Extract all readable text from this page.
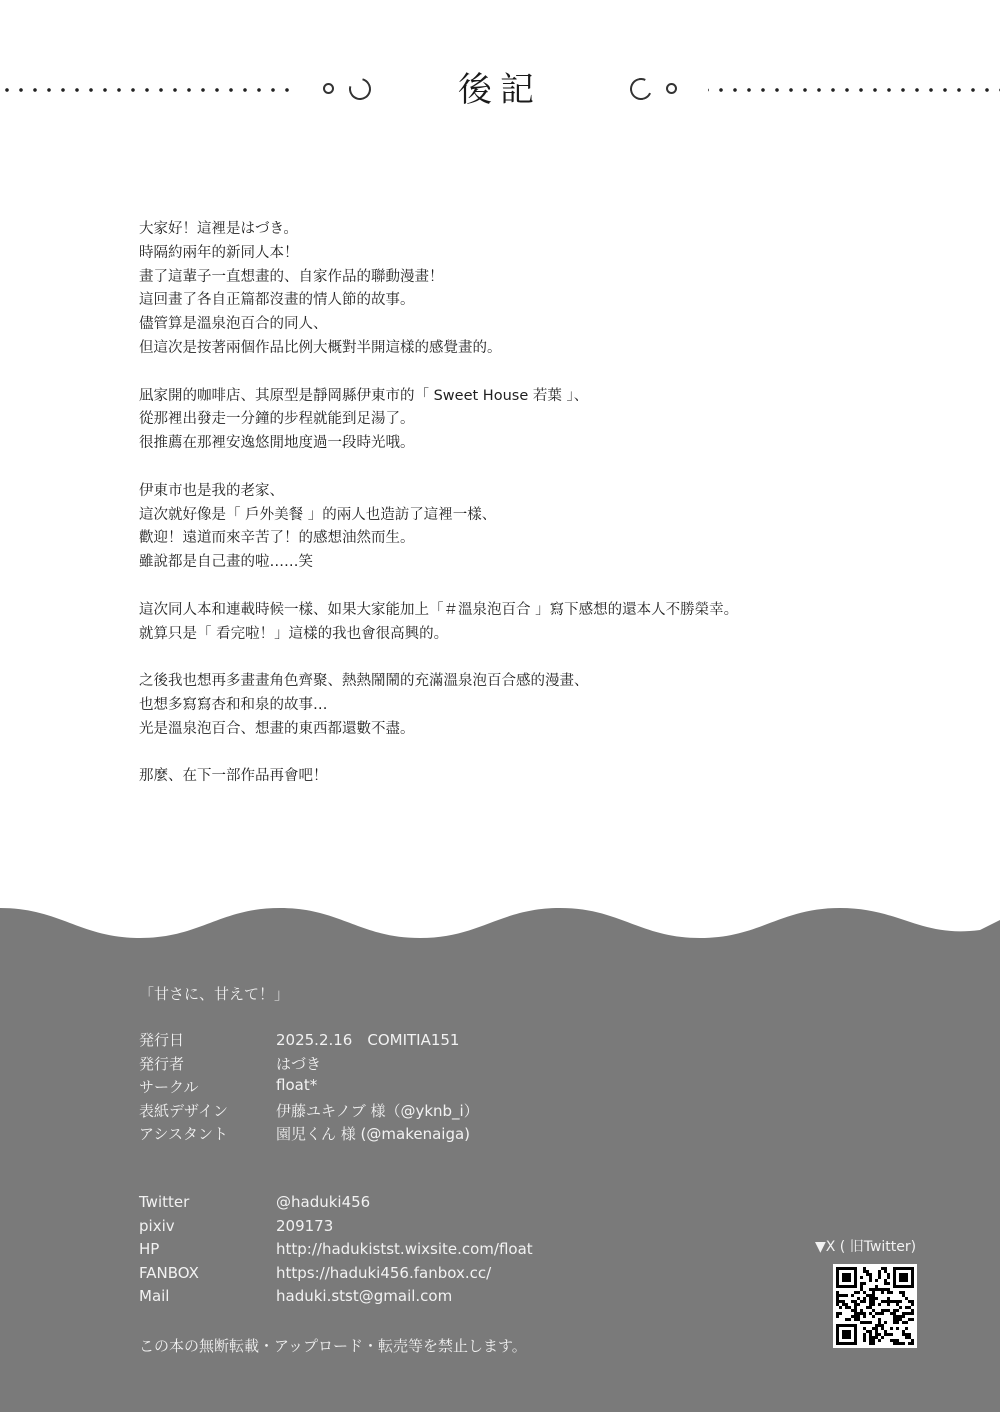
後記
大家好！這裡是はづき。
時隔約兩年的新同人本！
畫了這輩子一直想畫的、自家作品的聯動漫畫！
這回畫了各自正篇都沒畫的情人節的故事。
儘管算是溫泉泡百合的同人、
但這次是按著兩個作品比例大概對半開這樣的感覺畫的。
凪家開的咖啡店、其原型是靜岡縣伊東市的「 Sweet House 若葉 」、
從那裡出發走一分鐘的步程就能到足湯了。
很推薦在那裡安逸悠閒地度過一段時光哦。
伊東市也是我的老家、
這次就好像是「 戶外美餐 」的兩人也造訪了這裡一樣、
歡迎！遠道而來辛苦了！的感想油然而生。
雖說都是自己畫的啦……笑
這次同人本和連載時候一樣、如果大家能加上「＃溫泉泡百合 」寫下感想的還本人不勝榮幸。
就算只是「 看完啦！」這樣的我也會很高興的。
之後我也想再多畫畫角色齊聚、熱熱鬧鬧的充滿溫泉泡百合感的漫畫、
也想多寫寫杏和和泉的故事…
光是溫泉泡百合、想畫的東西都還數不盡。
那麼、在下一部作品再會吧！
「甘さに、甘えて！」
発行日	2025.2.16　COMITIA151
発行者	はづき
サークル	float*
表紙デザイン	伊藤ユキノブ 様（@yknb_i）
アシスタント	園児くん 様 (@makenaiga)
Twitter	@haduki456
pixiv	209173
HP	http://hadukistst.wixsite.com/float
FANBOX	https://haduki456.fanbox.cc/
Mail	haduki.stst@gmail.com
この本の無断転載・アップロード・転売等を禁止します。
▼X ( 旧Twitter)
